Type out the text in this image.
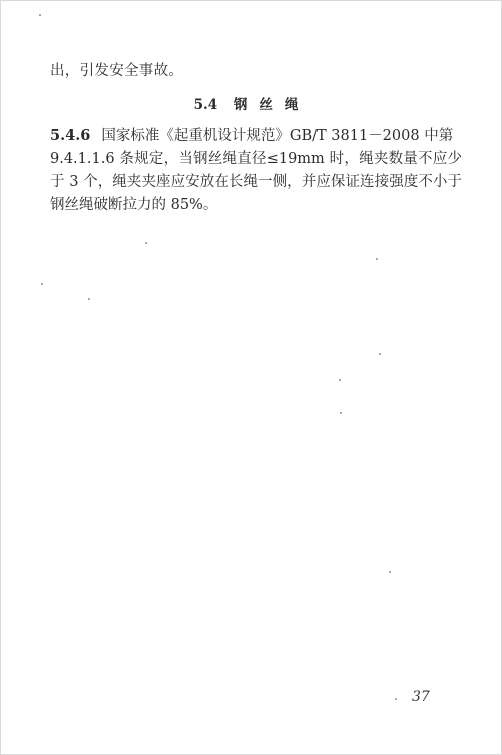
出，引发安全事故。
5.4 钢丝绳
5.4.6 国家标准《起重机设计规范》GB/T 3811－2008 中第
9.4.1.1.6 条规定，当钢丝绳直径≤19mm 时，绳夹数量不应少
于 3 个，绳夹夹座应安放在长绳一侧，并应保证连接强度不小于
钢丝绳破断拉力的 85%。
37
